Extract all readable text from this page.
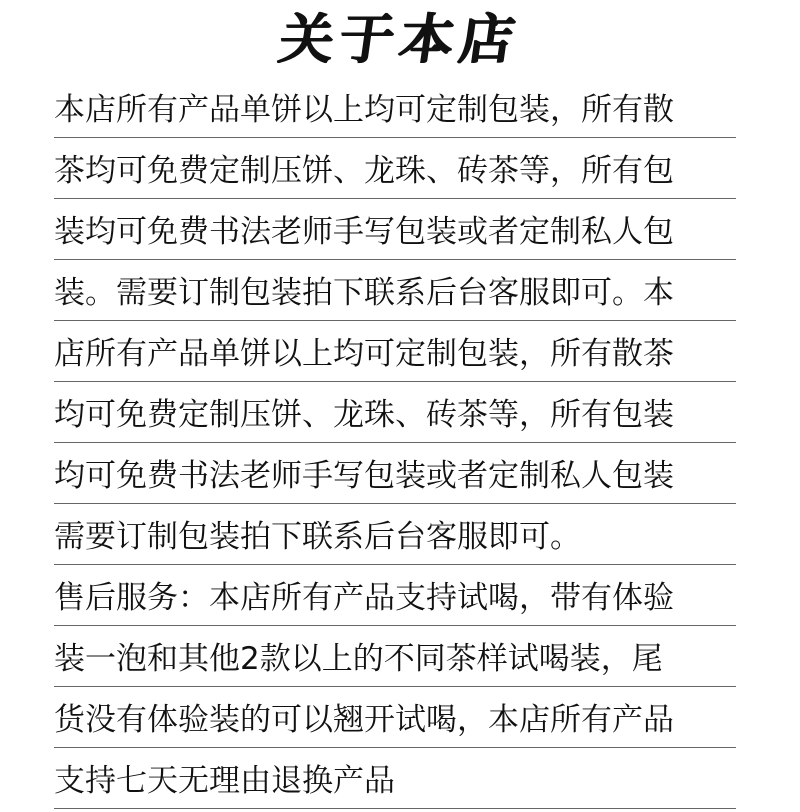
关于本店
本店所有产品单饼以上均可定制包装，所有散
茶均可免费定制压饼、龙珠、砖茶等，所有包
装均可免费书法老师手写包装或者定制私人包
装。需要订制包装拍下联系后台客服即可。本
店所有产品单饼以上均可定制包装，所有散茶
均可免费定制压饼、龙珠、砖茶等，所有包装
均可免费书法老师手写包装或者定制私人包装
需要订制包装拍下联系后台客服即可。
售后服务：本店所有产品支持试喝，带有体验
装一泡和其他2款以上的不同茶样试喝装，尾
货没有体验装的可以翘开试喝，本店所有产品
支持七天无理由退换产品
